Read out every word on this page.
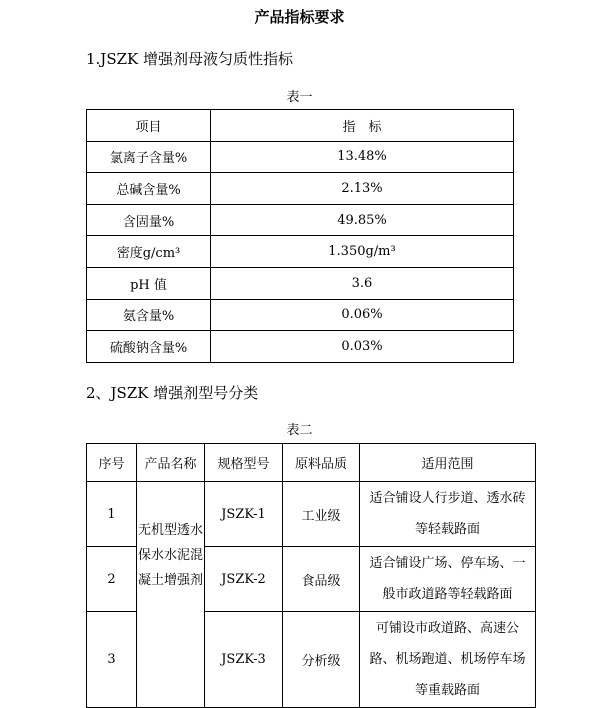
产品指标要求
1.JSZK 增强剂母液匀质性指标
表一
项目	指　标
氯离子含量%	13.48%
总碱含量%	2.13%
含固量%	49.85%
密度g/cm³	1.350g/m³
pH 值	3.6
氨含量%	0.06%
硫酸钠含量%	0.03%
2、JSZK 增强剂型号分类
表二
序号	产品名称	规格型号	原料品质	适用范围
1	无机型透水保水水泥混凝土增强剂	JSZK-1	工业级	适合铺设人行步道、透水砖等轻载路面
2		JSZK-2	食品级	适合铺设广场、停车场、一般市政道路等轻载路面
3		JSZK-3	分析级	可铺设市政道路、高速公路、机场跑道、机场停车场等重载路面
